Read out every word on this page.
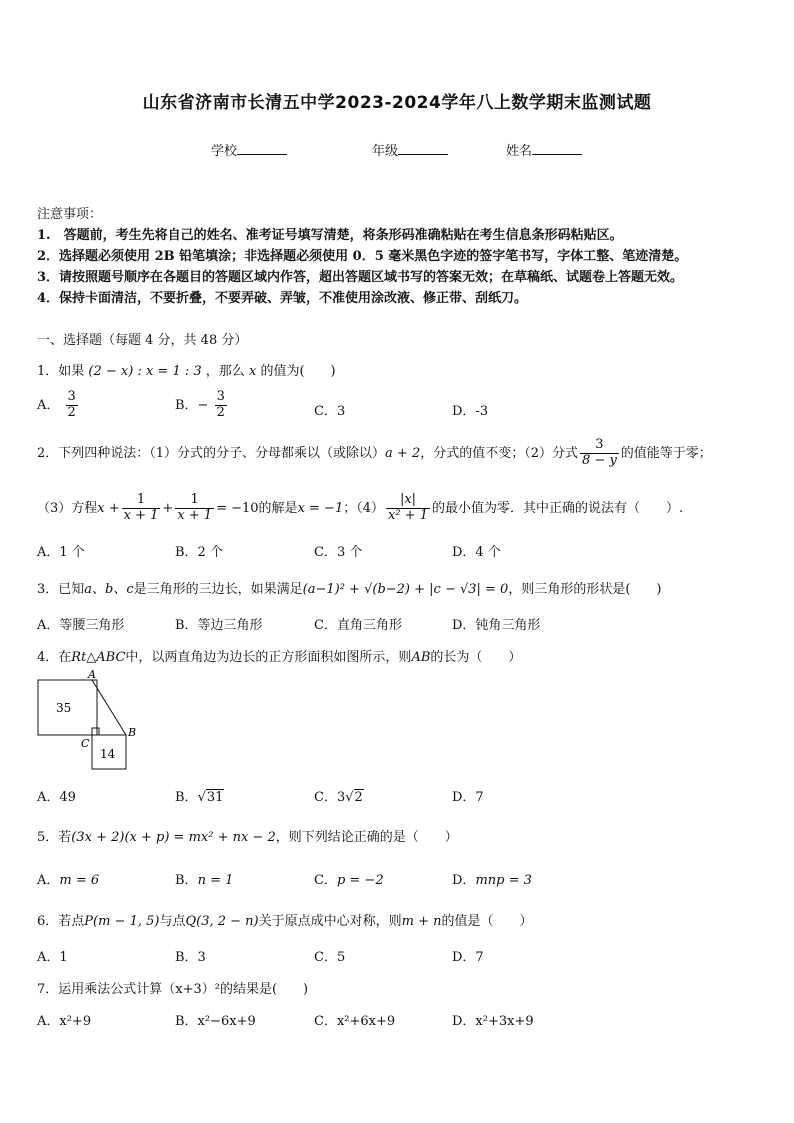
山东省济南市长清五中学2023-2024学年八上数学期末监测试题
学校	年级	姓名
注意事项：
1.　答题前，考生先将自己的姓名、准考证号填写清楚，将条形码准确粘贴在考生信息条形码粘贴区。
2．选择题必须使用 2B 铅笔填涂；非选择题必须使用 0．5 毫米黑色字迹的签字笔书写，字体工整、笔迹清楚。
3．请按照题号顺序在各题目的答题区域内作答，超出答题区域书写的答案无效；在草稿纸、试题卷上答题无效。
4．保持卡面清洁，不要折叠，不要弄破、弄皱，不准使用涂改液、修正带、刮纸刀。
一、选择题（每题 4 分，共 48 分）
1．如果 (2 − x) : x = 1 : 3 ，那么 x 的值为(　　)
A． $\frac{3}{2}$	B．− $\frac{3}{2}$	C．3	D．-3
2．下列四种说法：（1）分式的分子、分母都乘以（或除以）a + 2，分式的值不变；（2）分式 $\frac{3}{8 - y}$ 的值能等于零；
（3）方程$x + \frac{1}{x + 1} + \frac{1}{x + 1} = -10$的解是x = −1；$(4) \frac{|x|}{\text{x² + 1}}$ 的最小值为零．其中正确的说法有（　　）.
A．1 个	B．2 个	C．3 个	D．4 个
3．已知a、b、c是三角形的三边长，如果满足(a−1)² + √(b−2) + |c − √3| = 0，则三角形的形状是(　　)
A．等腰三角形	B．等边三角形	C．直角三角形	D．钝角三角形
4．在Rt△ABC中，以两直角边为边长的正方形面积如图所示，则AB的长为（　　）
35
14
A
B
C
A．49	B．√31	C．3√2	D．7
5．若(3x + 2)(x + p) = mx² + nx − 2，则下列结论正确的是（　　）
A．m = 6	B．n = 1	C．p = −2	D．mnp = 3
6．若点P(m − 1, 5)与点Q(3, 2 − n)关于原点成中心对称，则m + n的值是（　　）
A．1	B．3	C．5	D．7
7．运用乘法公式计算（x+3）²的结果是(　　)
A．x²+9	B．x²−6x+9	C．x²+6x+9	D．x²+3x+9
